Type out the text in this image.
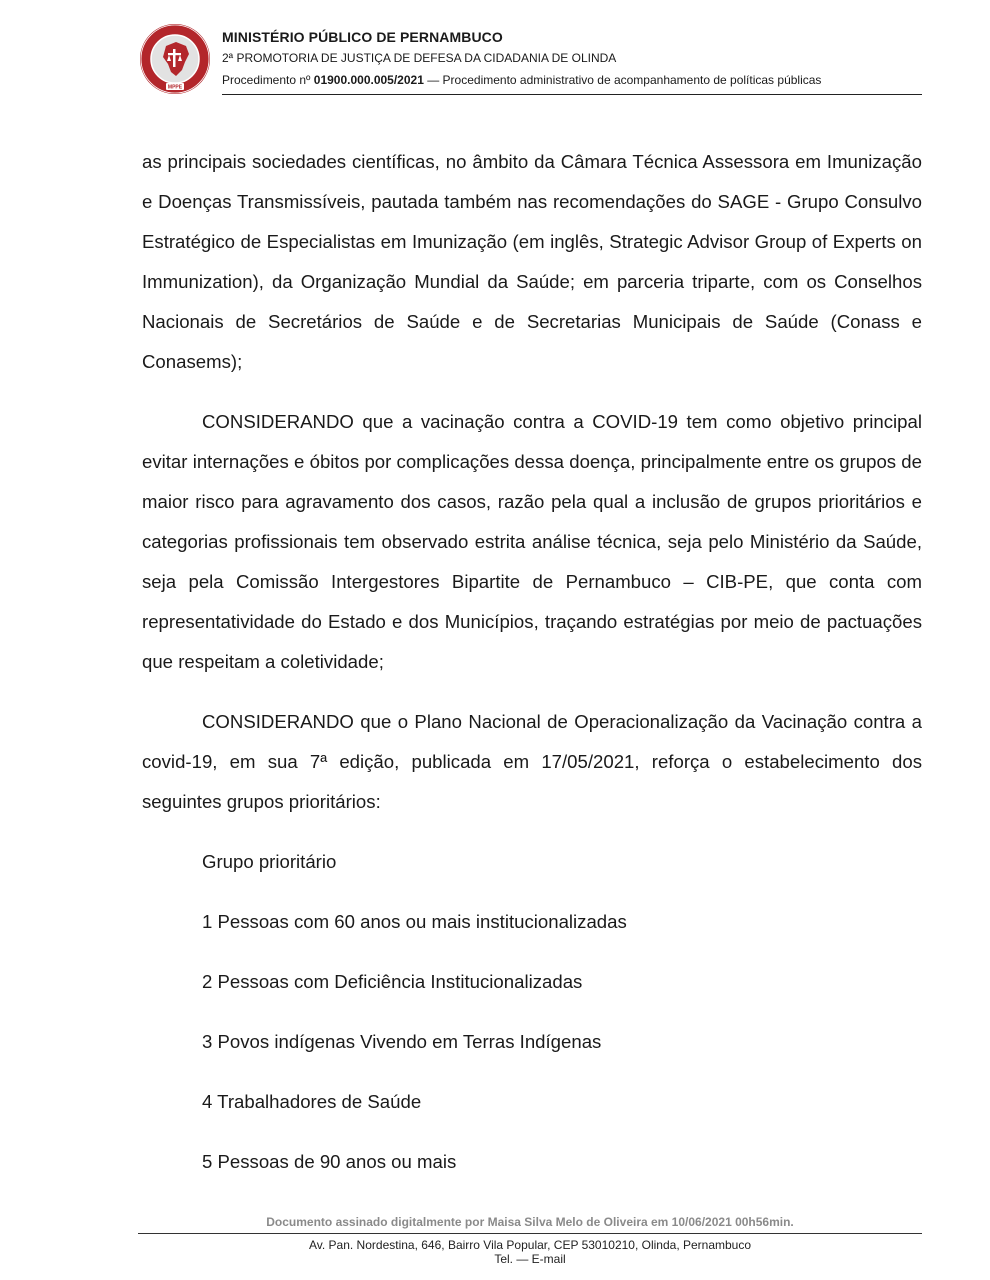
MPPE
MINISTÉRIO PÚBLICO DE PERNAMBUCO
2ª PROMOTORIA DE JUSTIÇA DE DEFESA DA CIDADANIA DE OLINDA
Procedimento nº 01900.000.005/2021 — Procedimento administrativo de acompanhamento de políticas públicas

as principais sociedades científicas, no âmbito da Câmara Técnica Assessora em Imunização e Doenças Transmissíveis, pautada também nas recomendações do SAGE - Grupo Consulvo Estratégico de Especialistas em Imunização (em inglês, Strategic Advisor Group of Experts on Immunization), da Organização Mundial da Saúde; em parceria triparte, com os Conselhos Nacionais de Secretários de Saúde e de Secretarias Municipais de Saúde (Conass e Conasems);

CONSIDERANDO que a vacinação contra a COVID-19 tem como objetivo principal evitar internações e óbitos por complicações dessa doença, principalmente entre os grupos de maior risco para agravamento dos casos, razão pela qual a inclusão de grupos prioritários e categorias profissionais tem observado estrita análise técnica, seja pelo Ministério da Saúde, seja pela Comissão Intergestores Bipartite de Pernambuco – CIB-PE, que conta com representatividade do Estado e dos Municípios, traçando estratégias por meio de pactuações que respeitam a coletividade;

CONSIDERANDO que o Plano Nacional de Operacionalização da Vacinação contra a covid-19, em sua 7ª edição, publicada em 17/05/2021, reforça o estabelecimento dos seguintes grupos prioritários:

Grupo prioritário

1 Pessoas com 60 anos ou mais institucionalizadas

2 Pessoas com Deficiência Institucionalizadas

3 Povos indígenas Vivendo em Terras Indígenas

4 Trabalhadores de Saúde

5 Pessoas de 90 anos ou mais

Documento assinado digitalmente por Maisa Silva Melo de Oliveira em 10/06/2021 00h56min.
Av. Pan. Nordestina, 646, Bairro Vila Popular, CEP 53010210, Olinda, Pernambuco
Tel. — E-mail
